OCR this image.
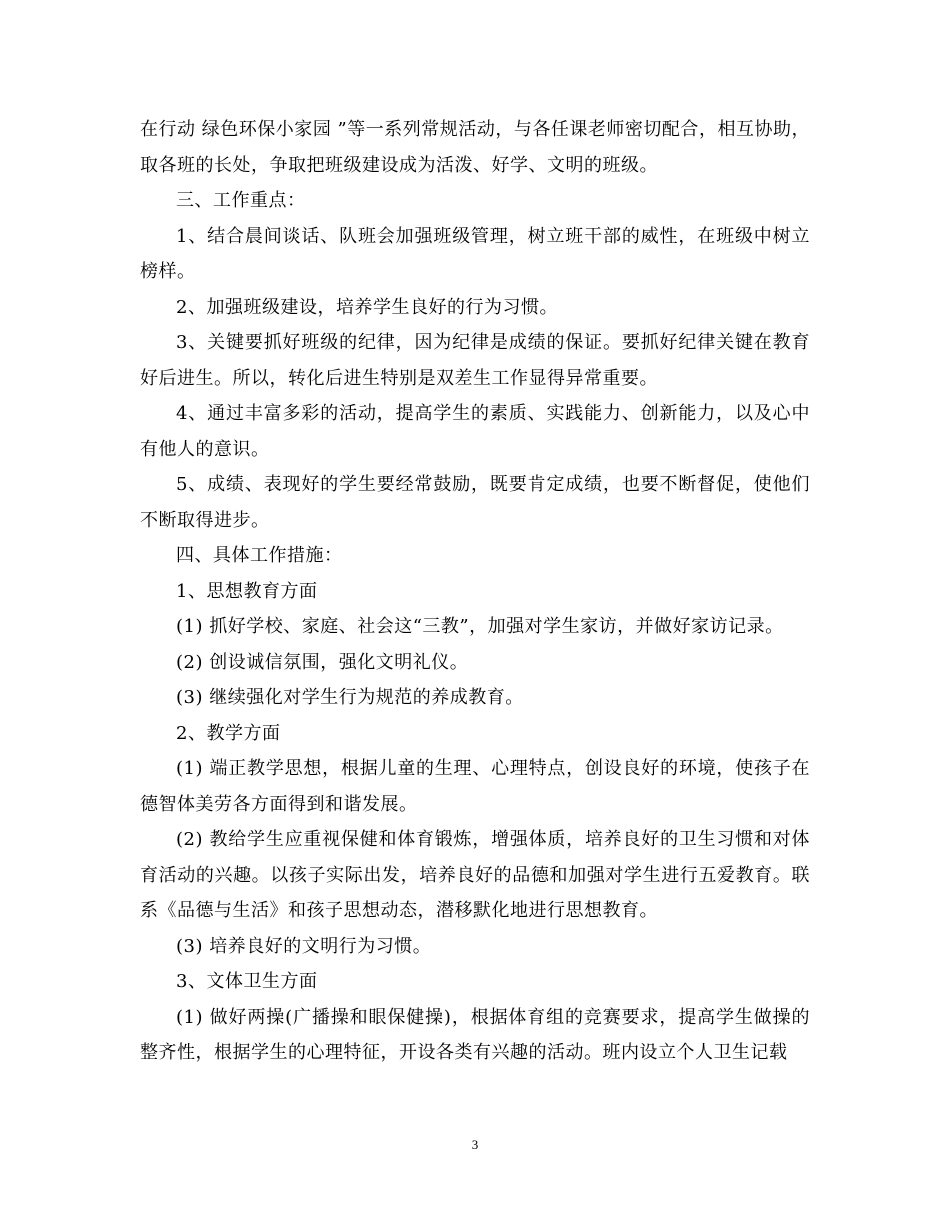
在行动 绿色环保小家园 ”等一系列常规活动，与各任课老师密切配合，相互协助，取各班的长处，争取把班级建设成为活泼、好学、文明的班级。

三、工作重点：

1、结合晨间谈话、队班会加强班级管理，树立班干部的威性，在班级中树立榜样。

2、加强班级建设，培养学生良好的行为习惯。

3、关键要抓好班级的纪律，因为纪律是成绩的保证。要抓好纪律关键在教育好后进生。所以，转化后进生特别是双差生工作显得异常重要。

4、通过丰富多彩的活动，提高学生的素质、实践能力、创新能力，以及心中有他人的意识。

5、成绩、表现好的学生要经常鼓励，既要肯定成绩，也要不断督促，使他们不断取得进步。

四、具体工作措施：

1、思想教育方面

(1) 抓好学校、家庭、社会这“三教”，加强对学生家访，并做好家访记录。

(2) 创设诚信氛围，强化文明礼仪。

(3) 继续强化对学生行为规范的养成教育。

2、教学方面

(1) 端正教学思想，根据儿童的生理、心理特点，创设良好的环境，使孩子在德智体美劳各方面得到和谐发展。

(2) 教给学生应重视保健和体育锻炼，增强体质，培养良好的卫生习惯和对体育活动的兴趣。以孩子实际出发，培养良好的品德和加强对学生进行五爱教育。联系《品德与生活》和孩子思想动态，潜移默化地进行思想教育。

(3) 培养良好的文明行为习惯。

3、文体卫生方面

(1) 做好两操(广播操和眼保健操)，根据体育组的竞赛要求，提高学生做操的整齐性，根据学生的心理特征，开设各类有兴趣的活动。班内设立个人卫生记载

3
